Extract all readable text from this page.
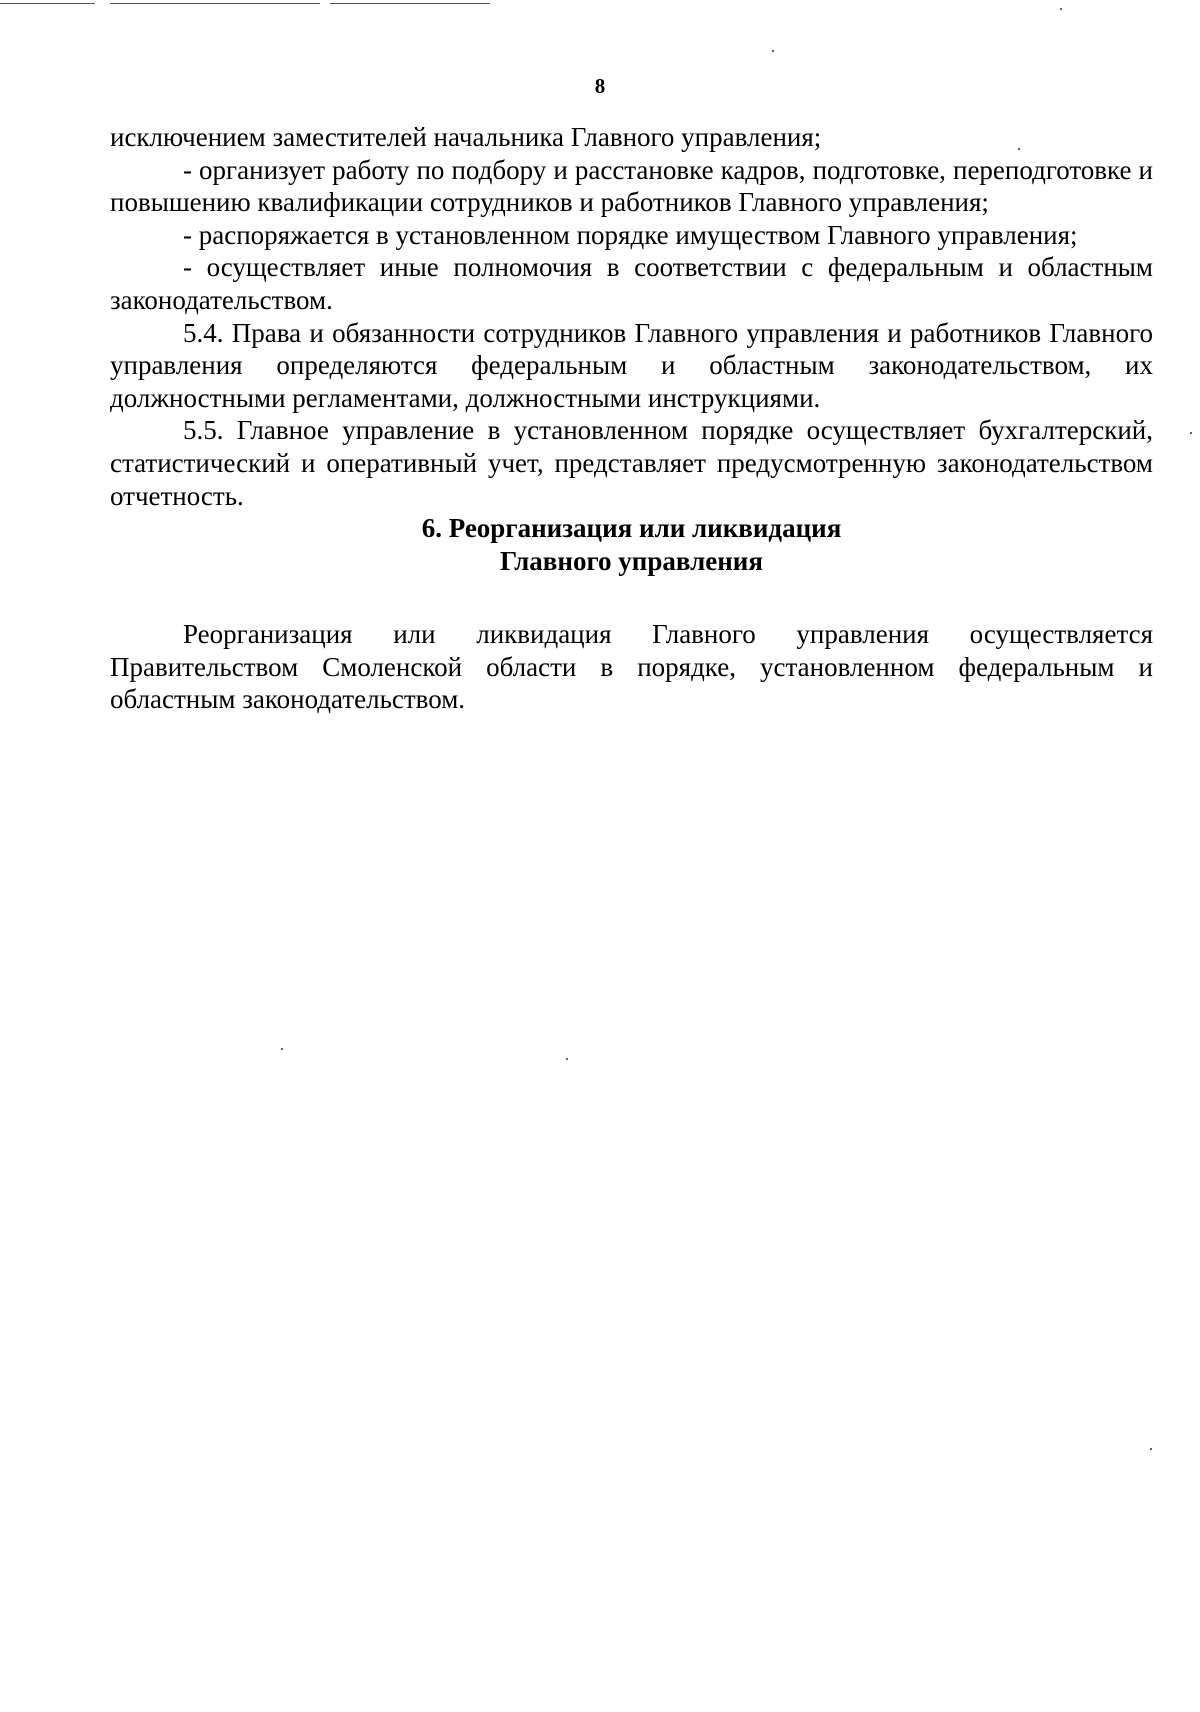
8

исключением заместителей начальника Главного управления;

- организует работу по подбору и расстановке кадров, подготовке, переподготовке и повышению квалификации сотрудников и работников Главного управления;

- распоряжается в установленном порядке имуществом Главного управления;

- осуществляет иные полномочия в соответствии с федеральным и областным законодательством.

5.4. Права и обязанности сотрудников Главного управления и работников Главного управления определяются федеральным и областным законодательством, их должностными регламентами, должностными инструкциями.

5.5. Главное управление в установленном порядке осуществляет бухгалтерский, статистический и оперативный учет, представляет предусмотренную законодательством отчетность.

6. Реорганизация или ликвидация
Главного управления

Реорганизация или ликвидация Главного управления осуществляется Правительством Смоленской области в порядке, установленном федеральным и областным законодательством.
